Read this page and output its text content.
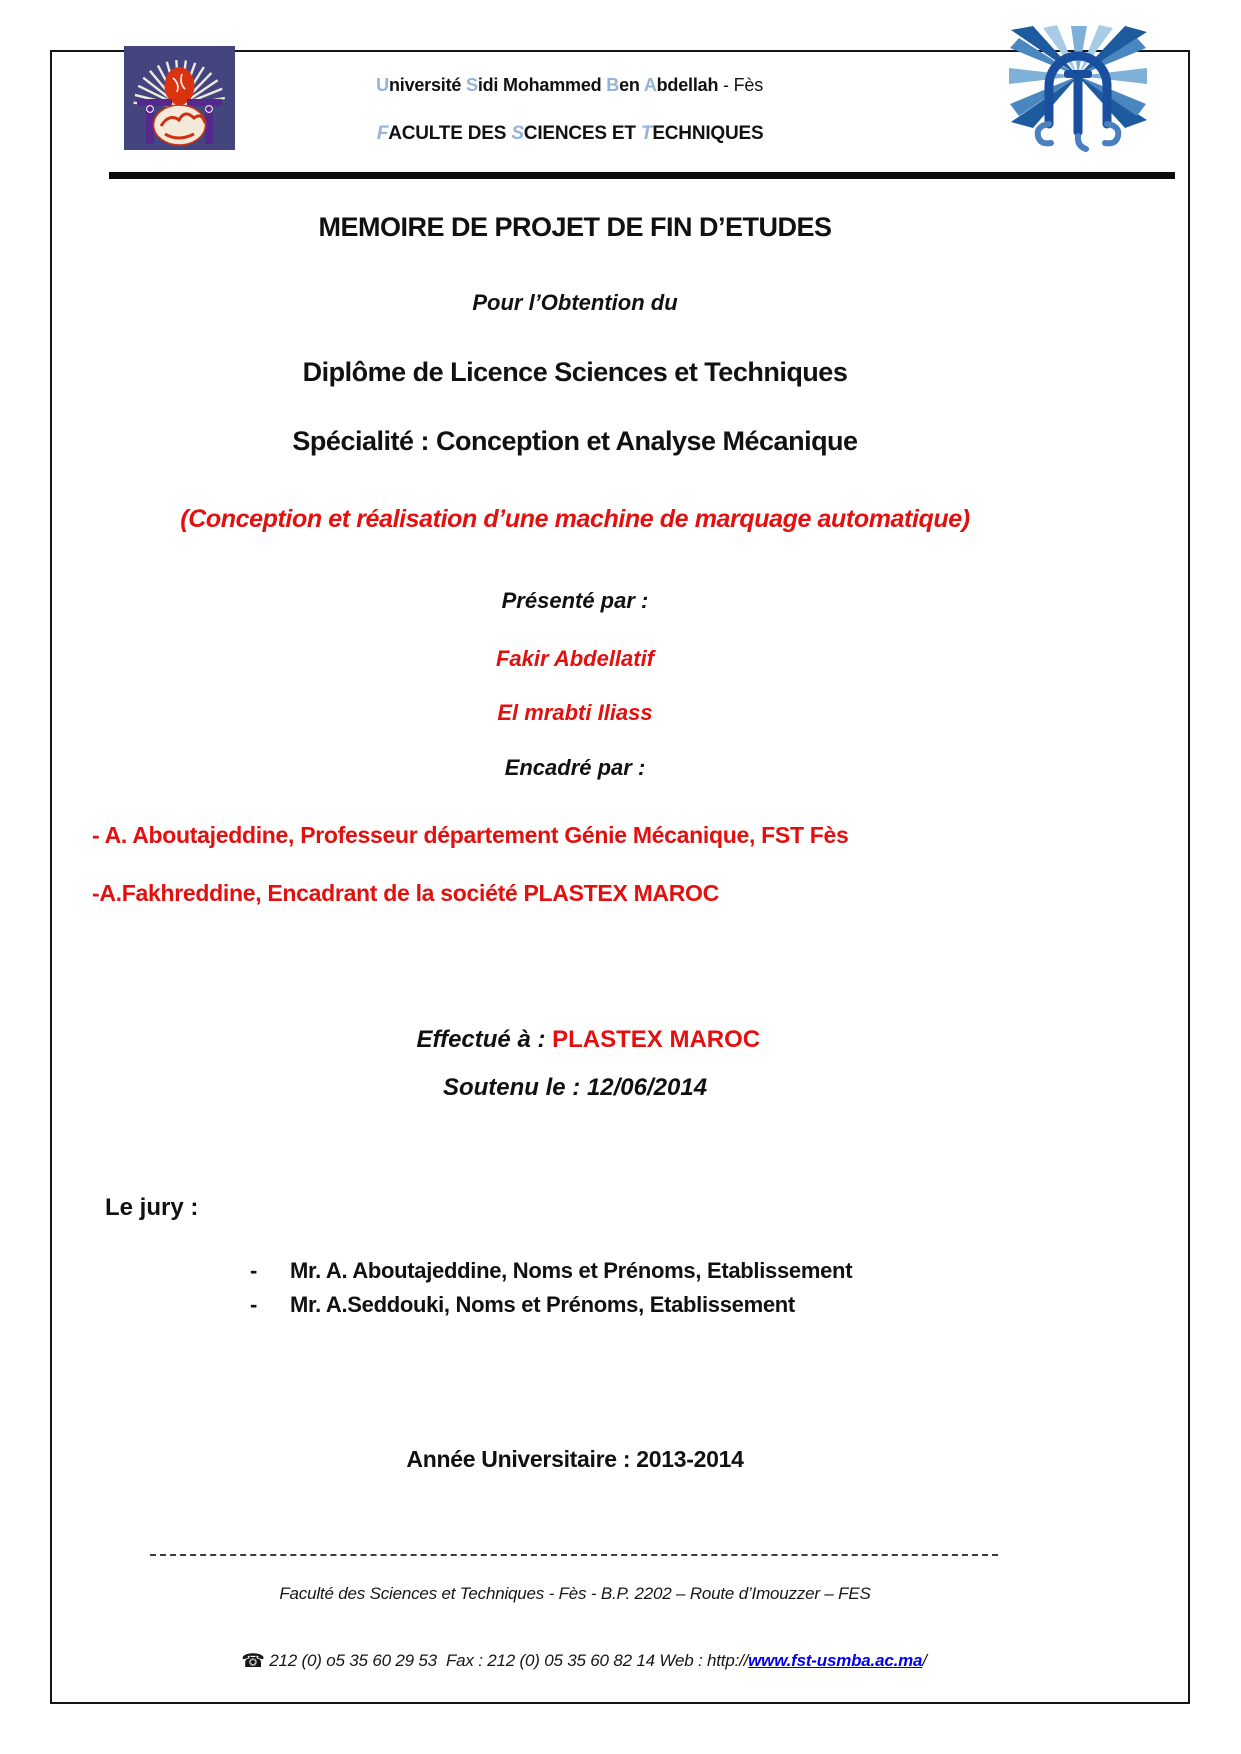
Université Sidi Mohammed Ben Abdellah - Fès

FACULTE DES SCIENCES ET TECHNIQUES

MEMOIRE DE PROJET DE FIN D’ETUDES
Pour l’Obtention du
Diplôme de Licence Sciences et Techniques
Spécialité : Conception et Analyse Mécanique
(Conception et réalisation d’une machine de marquage automatique)
Présenté par :
Fakir Abdellatif
El mrabti Iliass
Encadré par :
- A. Aboutajeddine, Professeur département Génie Mécanique, FST Fès
-A.Fakhreddine, Encadrant de la société PLASTEX MAROC

Effectué à : PLASTEX MAROC

Soutenu le : 12/06/2014
Le jury :
- Mr. A. Aboutajeddine, Noms et Prénoms, Etablissement
- Mr. A.Seddouki, Noms et Prénoms, Etablissement
Année Universitaire : 2013-2014
Faculté des Sciences et Techniques - Fès - B.P. 2202 – Route d’Imouzzer – FES

☎ 212 (0) o5 35 60 29 53  Fax : 212 (0) 05 35 60 82 14 Web : http://www.fst-usmba.ac.ma/
